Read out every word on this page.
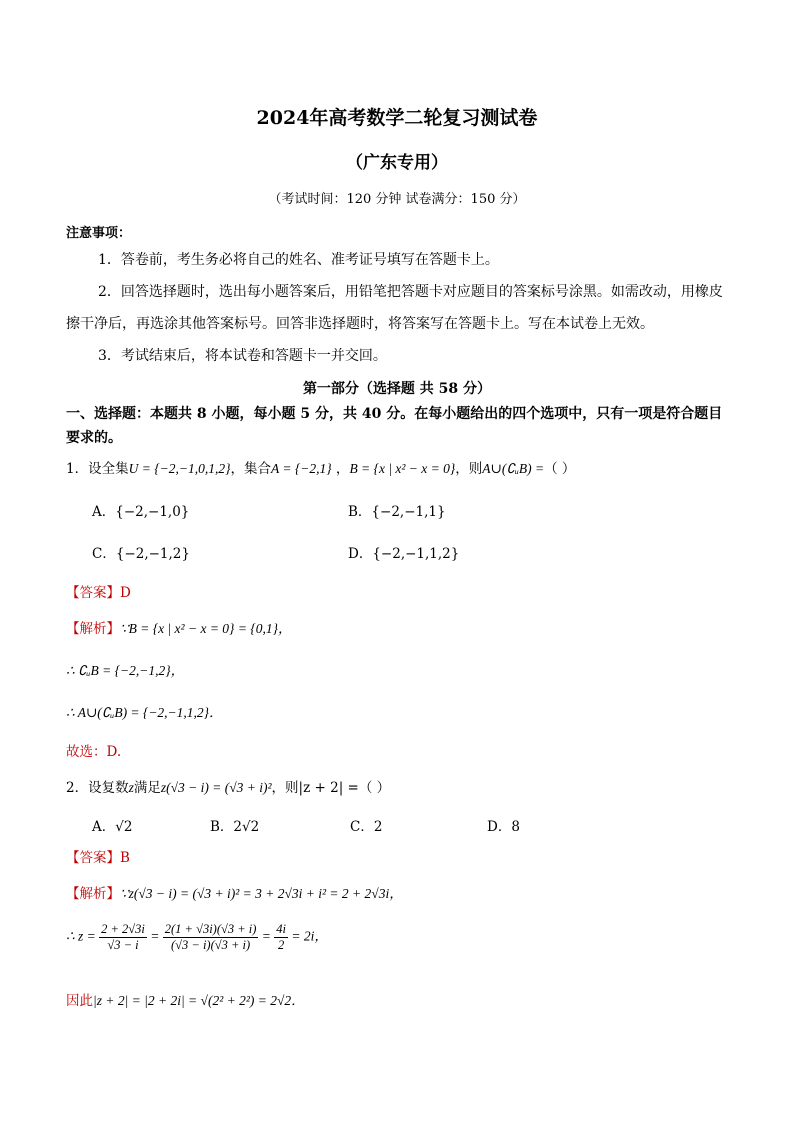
2024年高考数学二轮复习测试卷
（广东专用）
（考试时间：120 分钟 试卷满分：150 分）
注意事项：
1．答卷前，考生务必将自己的姓名、准考证号填写在答题卡上。
2．回答选择题时，选出每小题答案后，用铅笔把答题卡对应题目的答案标号涂黑。如需改动，用橡皮擦干净后，再选涂其他答案标号。回答非选择题时，将答案写在答题卡上。写在本试卷上无效。
3．考试结束后，将本试卷和答题卡一并交回。
第一部分（选择题 共 58 分）
一、选择题：本题共 8 小题，每小题 5 分，共 40 分。在每小题给出的四个选项中，只有一项是符合题目要求的。
1．设全集U = {−2,−1,0,1,2}，集合A = {−2,1} ，B = {x | x² − x = 0}，则A∪(∁ᵤB) =（ ）
A．{−2,−1,0}	B．{−2,−1,1}
C．{−2,−1,2}	D．{−2,−1,1,2}
【答案】D
【解析】∵B = {x | x² − x = 0} = {0,1}，
∴ ∁ᵤB = {−2,−1,2}，
∴ A∪(∁ᵤB) = {−2,−1,1,2}．
故选：D.
2．设复数z满足z(√3 − i) = (√3 + i)²，则|z + 2| =（ ）
A．√2	B．2√2	C．2	D．8
【答案】B
【解析】∵z(√3 − i) = (√3 + i)² = 3 + 2√3i + i² = 2 + 2√3i，
∴ $z = \frac{2 + 2√3i}{√3 - i} = \frac{2(1 + √3i)(√3 + i)}{(√3 - i)(√3 + i)} = \frac{4i}{2} = 2i$，
因此|z + 2| = |2 + 2i| = √(2² + 2²) = 2√2．
